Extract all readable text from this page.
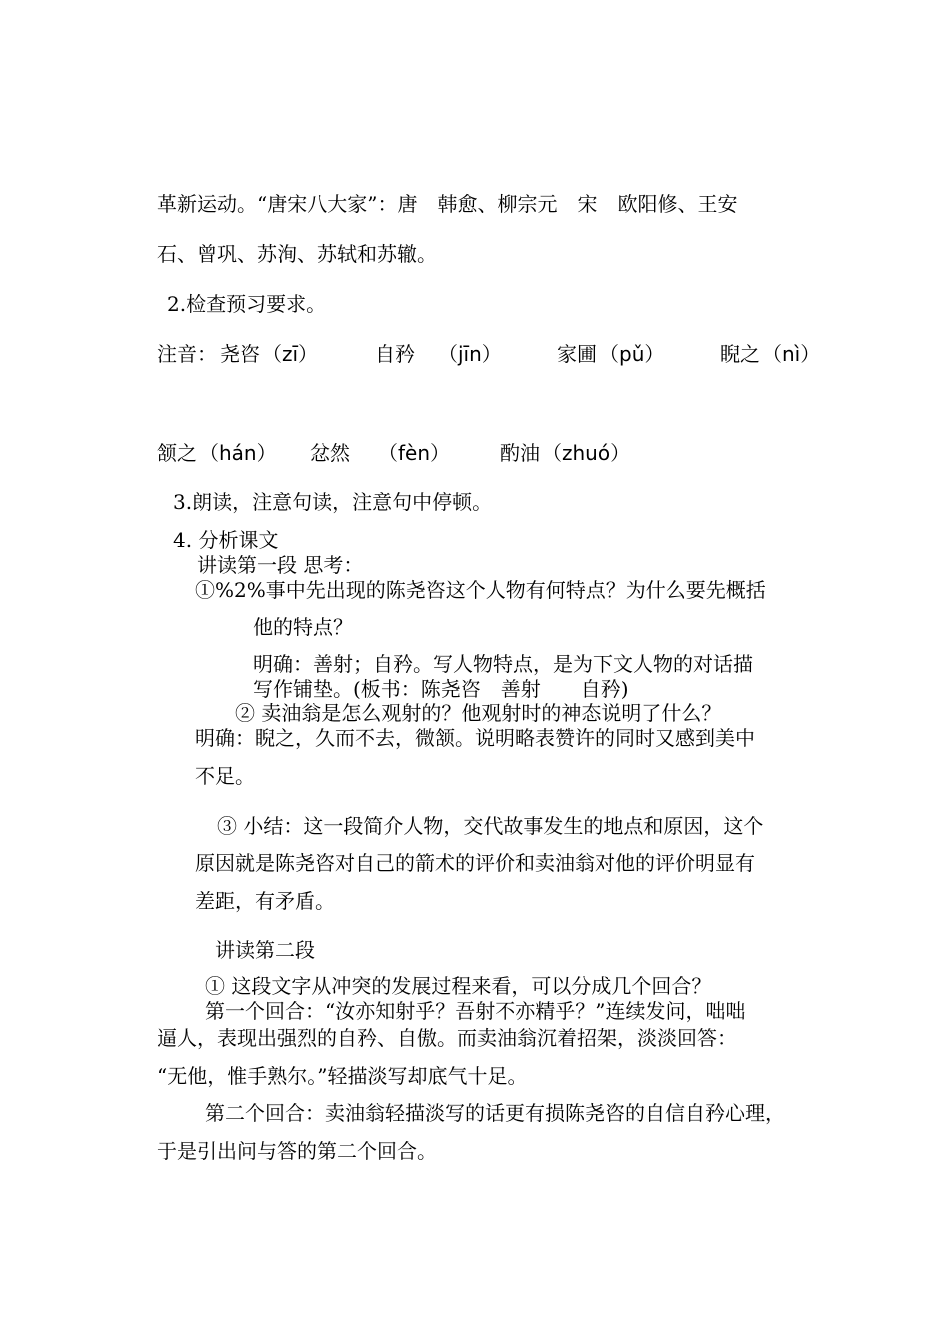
革新运动。“唐宋八大家”：唐　韩愈、柳宗元　宋　欧阳修、王安
石、曾巩、苏洵、苏轼和苏辙。
2.检查预习要求。
注音： 尧咨 （zī）	自矜 （jīn）	家圃 （pǔ）	睨之 （nì）
颔之 （hán） 忿然 （fèn） 酌油 （zhuó）
3.朗读，注意句读，注意句中停顿。
4. 分析课文
讲读第一段 思考：
①%2%事中先出现的陈尧咨这个人物有何特点？为什么要先概括
他的特点？
明确：善射；自矜。写人物特点，是为下文人物的对话描
写作铺垫。(板书：陈尧咨　善射　　自矜)
② 卖油翁是怎么观射的？他观射时的神态说明了什么？
明确：睨之，久而不去，微颔。说明略表赞许的同时又感到美中
不足。
③ 小结：这一段简介人物，交代故事发生的地点和原因，这个
原因就是陈尧咨对自己的箭术的评价和卖油翁对他的评价明显有
差距，有矛盾。
讲读第二段
① 这段文字从冲突的发展过程来看，可以分成几个回合？
第一个回合：“汝亦知射乎？吾射不亦精乎？”连续发问，咄咄
逼人，表现出强烈的自矜、自傲。而卖油翁沉着招架，淡淡回答：
“无他，惟手熟尔。”轻描淡写却底气十足。
第二个回合：卖油翁轻描淡写的话更有损陈尧咨的自信自矜心理，
于是引出问与答的第二个回合。
